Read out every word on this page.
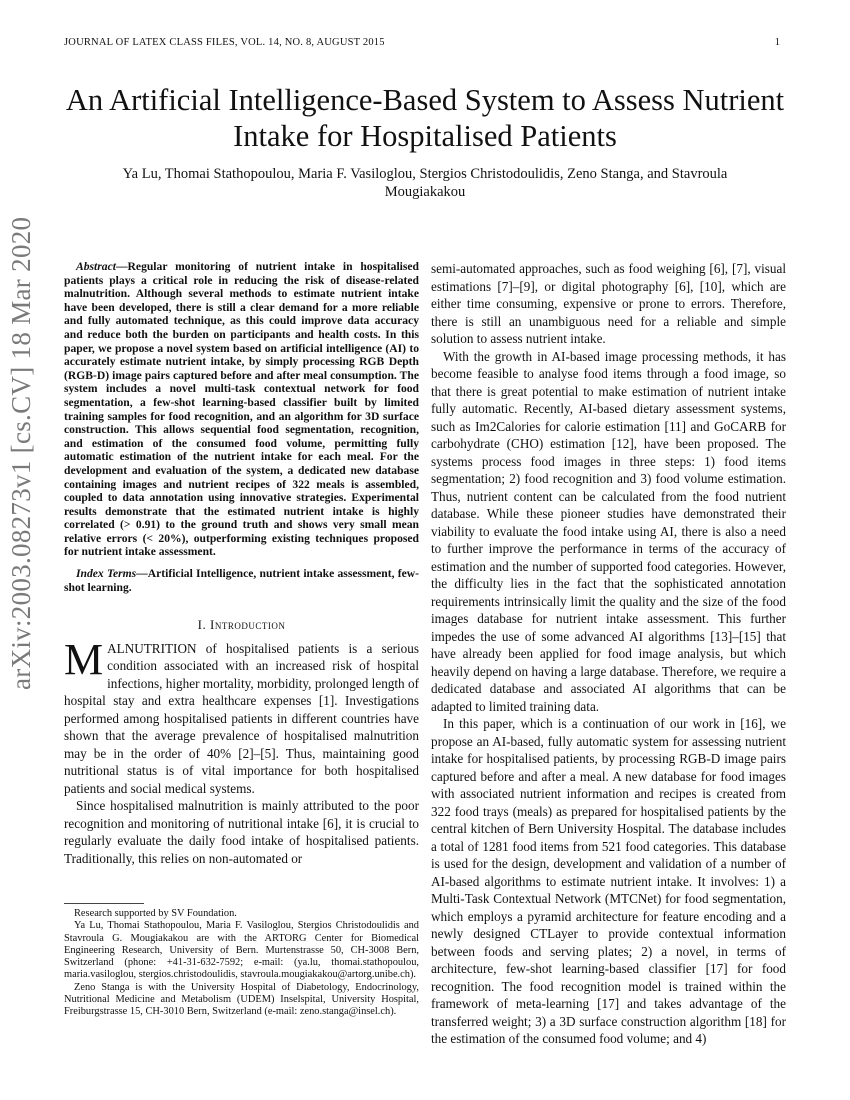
JOURNAL OF LATEX CLASS FILES, VOL. 14, NO. 8, AUGUST 2015	1
An Artificial Intelligence-Based System to Assess Nutrient Intake for Hospitalised Patients
Ya Lu, Thomai Stathopoulou, Maria F. Vasiloglou, Stergios Christodoulidis, Zeno Stanga, and Stavroula Mougiakakou
arXiv:2003.08273v1 [cs.CV] 18 Mar 2020	Abstract—Regular monitoring of nutrient intake in hospitalised patients plays a critical role in reducing the risk of disease-related malnutrition. Although several methods to estimate nutrient intake have been developed, there is still a clear demand for a more reliable and fully automated technique, as this could improve data accuracy and reduce both the burden on participants and health costs. In this paper, we propose a novel system based on artificial intelligence (AI) to accurately estimate nutrient intake, by simply processing RGB Depth (RGB-D) image pairs captured before and after meal consumption. The system includes a novel multi-task contextual network for food segmentation, a few-shot learning-based classifier built by limited training samples for food recognition, and an algorithm for 3D surface construction. This allows sequential food segmentation, recognition, and estimation of the consumed food volume, permitting fully automatic estimation of the nutrient intake for each meal. For the development and evaluation of the system, a dedicated new database containing images and nutrient recipes of 322 meals is assembled, coupled to data annotation using innovative strategies. Experimental results demonstrate that the estimated nutrient intake is highly correlated (> 0.91) to the ground truth and shows very small mean relative errors (< 20%), outperforming existing techniques proposed for nutrient intake assessment.

Index Terms—Artificial Intelligence, nutrient intake assessment, few-shot learning.

I. Introduction

MALNUTRITION of hospitalised patients is a serious condition associated with an increased risk of hospital infections, higher mortality, morbidity, prolonged length of hospital stay and extra healthcare expenses [1]. Investigations performed among hospitalised patients in different countries have shown that the average prevalence of hospitalised malnutrition may be in the order of 40% [2]–[5]. Thus, maintaining good nutritional status is of vital importance for both hospitalised patients and social medical systems.

Since hospitalised malnutrition is mainly attributed to the poor recognition and monitoring of nutritional intake [6], it is crucial to regularly evaluate the daily food intake of hospitalised patients. Traditionally, this relies on non-automated or

Research supported by SV Foundation.

Ya Lu, Thomai Stathopoulou, Maria F. Vasiloglou, Stergios Christodoulidis and Stavroula G. Mougiakakou are with the ARTORG Center for Biomedical Engineering Research, University of Bern. Murtenstrasse 50, CH-3008 Bern, Switzerland (phone: +41-31-632-7592; e-mail: (ya.lu, thomai.stathopoulou, maria.vasiloglou, stergios.christodoulidis, stavroula.mougiakakou@artorg.unibe.ch).

Zeno Stanga is with the University Hospital of Diabetology, Endocrinology, Nutritional Medicine and Metabolism (UDEM) Inselspital, University Hospital, Freiburgstrasse 15, CH-3010 Bern, Switzerland (e-mail: zeno.stanga@insel.ch).

semi-automated approaches, such as food weighing [6], [7], visual estimations [7]–[9], or digital photography [6], [10], which are either time consuming, expensive or prone to errors. Therefore, there is still an unambiguous need for a reliable and simple solution to assess nutrient intake.

With the growth in AI-based image processing methods, it has become feasible to analyse food items through a food image, so that there is great potential to make estimation of nutrient intake fully automatic. Recently, AI-based dietary assessment systems, such as Im2Calories for calorie estimation [11] and GoCARB for carbohydrate (CHO) estimation [12], have been proposed. The systems process food images in three steps: 1) food items segmentation; 2) food recognition and 3) food volume estimation. Thus, nutrient content can be calculated from the food nutrient database. While these pioneer studies have demonstrated their viability to evaluate the food intake using AI, there is also a need to further improve the performance in terms of the accuracy of estimation and the number of supported food categories. However, the difficulty lies in the fact that the sophisticated annotation requirements intrinsically limit the quality and the size of the food images database for nutrient intake assessment. This further impedes the use of some advanced AI algorithms [13]–[15] that have already been applied for food image analysis, but which heavily depend on having a large database. Therefore, we require a dedicated database and associated AI algorithms that can be adapted to limited training data.

In this paper, which is a continuation of our work in [16], we propose an AI-based, fully automatic system for assessing nutrient intake for hospitalised patients, by processing RGB-D image pairs captured before and after a meal. A new database for food images with associated nutrient information and recipes is created from 322 food trays (meals) as prepared for hospitalised patients by the central kitchen of Bern University Hospital. The database includes a total of 1281 food items from 521 food categories. This database is used for the design, development and validation of a number of AI-based algorithms to estimate nutrient intake. It involves: 1) a Multi-Task Contextual Network (MTCNet) for food segmentation, which employs a pyramid architecture for feature encoding and a newly designed CTLayer to provide contextual information between foods and serving plates; 2) a novel, in terms of architecture, few-shot learning-based classifier [17] for food recognition. The food recognition model is trained within the framework of meta-learning [17] and takes advantage of the transferred weight; 3) a 3D surface construction algorithm [18] for the estimation of the consumed food volume; and 4)
